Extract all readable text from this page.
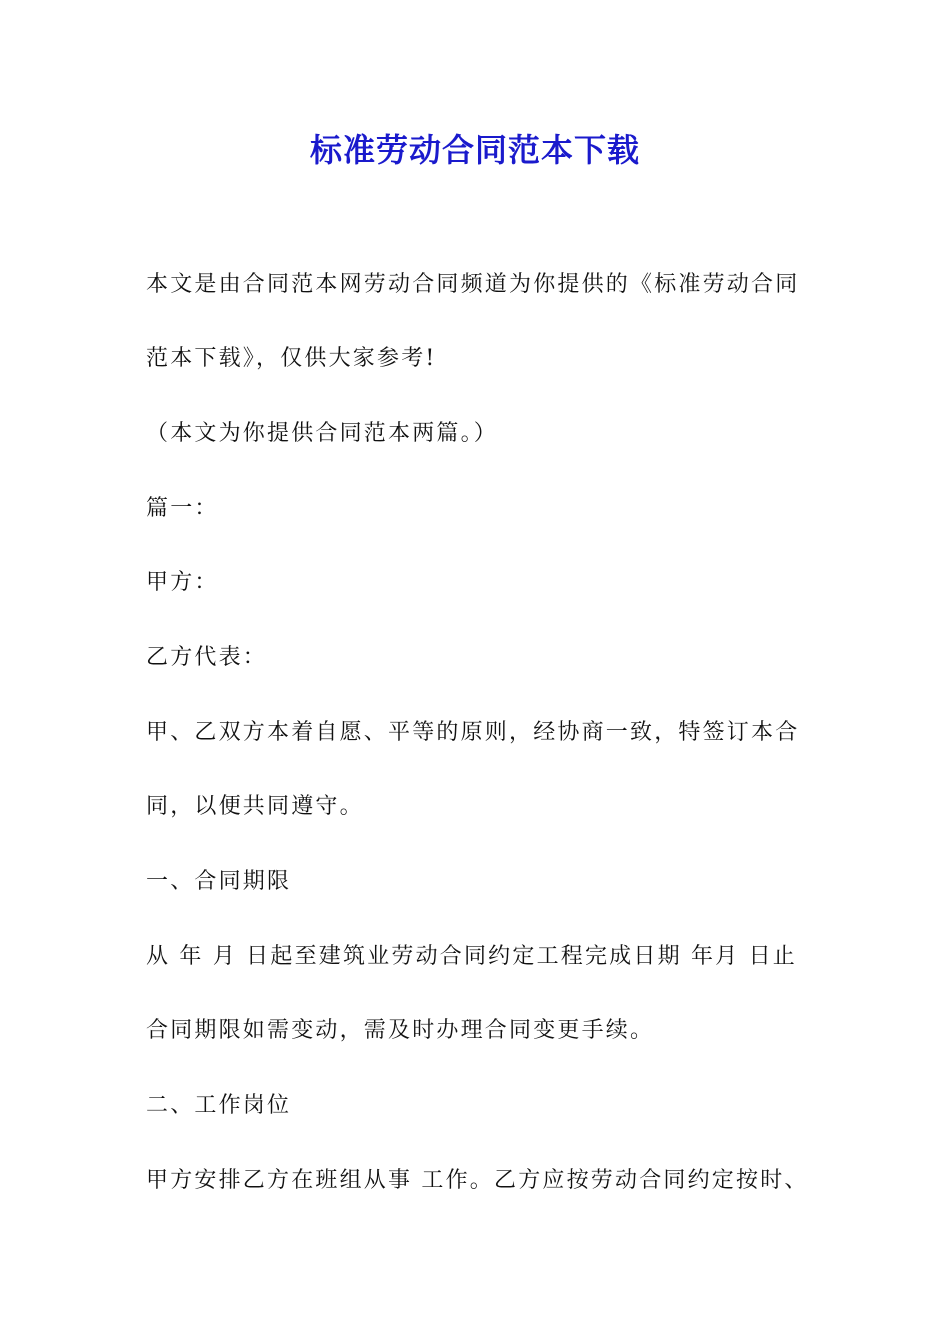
标准劳动合同范本下载

本文是由合同范本网劳动合同频道为你提供的《标准劳动合同

范本下载》，仅供大家参考!

（本文为你提供合同范本两篇。）

篇一：

甲方：

乙方代表：

甲、乙双方本着自愿、平等的原则，经协商一致，特签订本合

同，以便共同遵守。

一、合同期限

从 年 月 日起至建筑业劳动合同约定工程完成日期 年月 日止

合同期限如需变动，需及时办理合同变更手续。

二、工作岗位

甲方安排乙方在班组从事 工作。乙方应按劳动合同约定按时、
